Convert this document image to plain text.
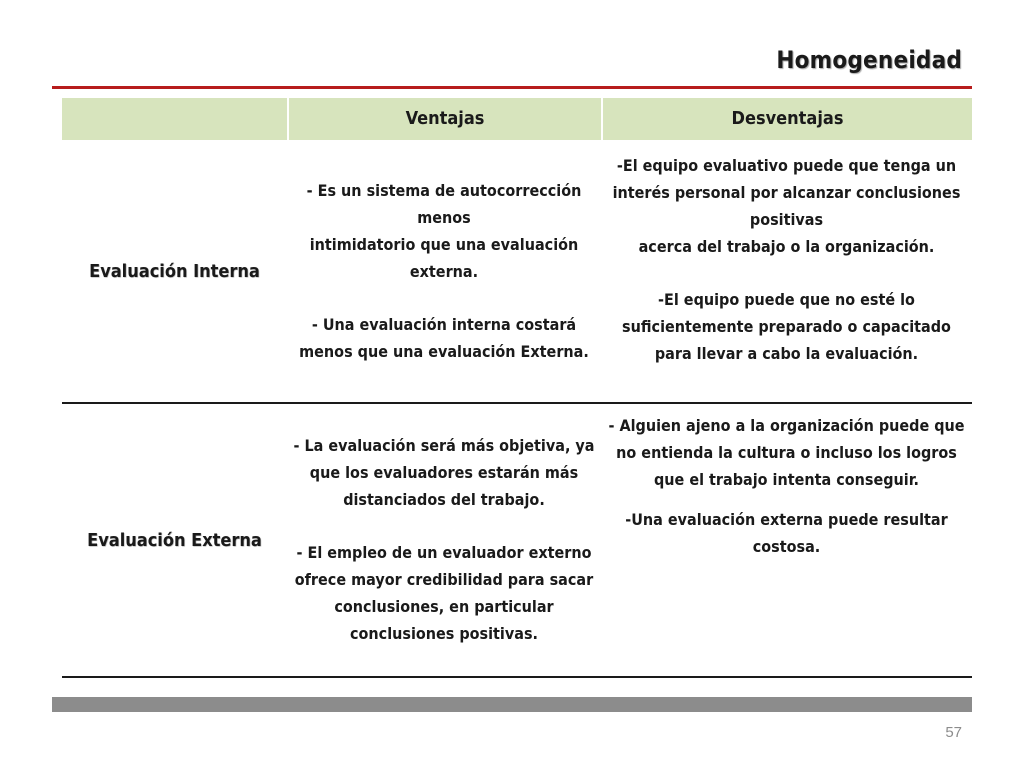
Homogeneidad
Ventajas	Desventajas
Evaluación Interna

- Es un sistema de autocorrección menos
intimidatorio que una evaluación externa.

- Una evaluación interna costará menos que una evaluación Externa.

-El equipo evaluativo puede que tenga un interés personal por alcanzar conclusiones positivas
acerca del trabajo o la organización.

-El equipo puede que no esté lo suficientemente preparado o capacitado para llevar a cabo la evaluación.

Evaluación Externa

- La evaluación será más objetiva, ya que los evaluadores estarán más distanciados del trabajo.

- El empleo de un evaluador externo ofrece mayor credibilidad para sacar conclusiones, en particular conclusiones positivas.

- Alguien ajeno a la organización puede que no entienda la cultura o incluso los logros que el trabajo intenta conseguir.

-Una evaluación externa puede resultar costosa.

57
